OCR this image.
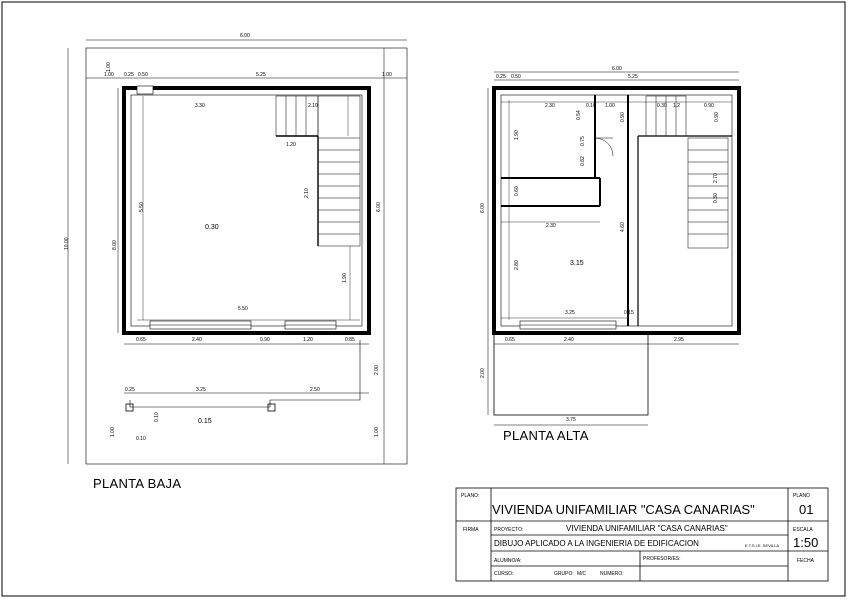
6.00
1.00 0.25 0.50	5.25	1.00
3.30	2.10
1.20
5.50
0.65	2.40	0.90	1.20	0.85
0.25	3.25	2.50
0.10
10.00	8.00
5.50	6.00
2.10
1.90
1.00
2.00
1.00	1.00
0.10
0.30
0.15
6.00
0.25 0.50	5.25
2.30	0.10 1.00	0.30 1.2	0.90
2.30
3.25	0.15
0.65	2.40	2.95
3.75
6.00
2.00
1.90
2.80
0.60
4.60
0.54	0.90	0.90
0.75
0.82
0.30
2.70
3.15
PLANO:
VIVIENDA UNIFAMILIAR "CASA CANARIAS"
PLANO
01
FIRMA	PROYECTO:	VIVIENDA UNIFAMILIAR "CASA CANARIAS"	ESCALA
1:50
DIBUJO APLICADO A LA INGENIERIA DE EDIFICACION	E.T.S.I.E. SEVILLA
ALUMNO/A:	PROFESOR/ES:
CURSO:	GRUPO: M/C	NUMERO:
FECHA
PLANTA BAJA
PLANTA ALTA
